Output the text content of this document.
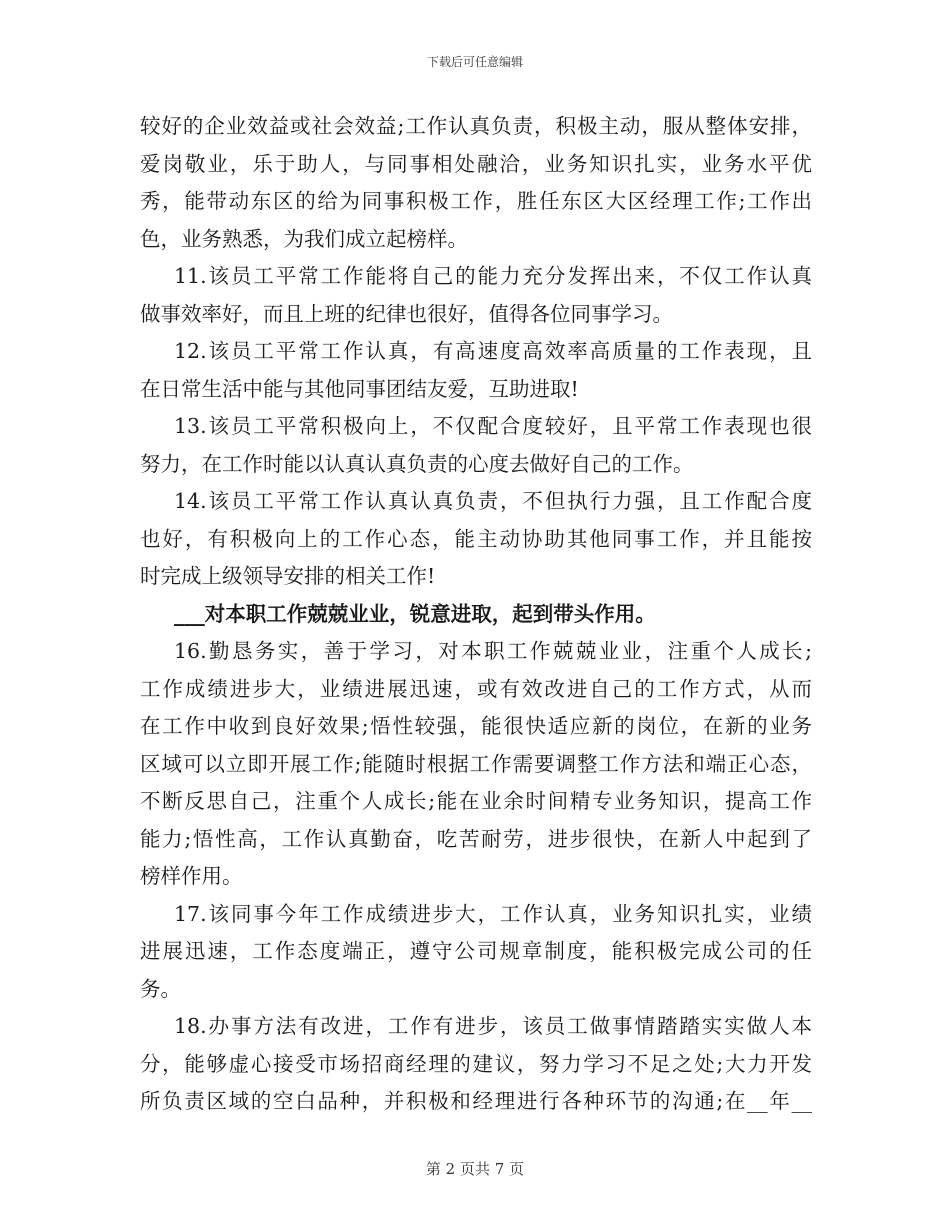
下载后可任意编辑
较好的企业效益或社会效益;工作认真负责，积极主动，服从整体安排，
爱岗敬业，乐于助人，与同事相处融洽，业务知识扎实，业务水平优
秀，能带动东区的给为同事积极工作，胜任东区大区经理工作;工作出
色，业务熟悉，为我们成立起榜样。
11.该员工平常工作能将自己的能力充分发挥出来，不仅工作认真
做事效率好，而且上班的纪律也很好，值得各位同事学习。
12.该员工平常工作认真，有高速度高效率高质量的工作表现，且
在日常生活中能与其他同事团结友爱，互助进取!
13.该员工平常积极向上，不仅配合度较好，且平常工作表现也很
努力，在工作时能以认真认真负责的心度去做好自己的工作。
14.该员工平常工作认真认真负责，不但执行力强，且工作配合度
也好，有积极向上的工作心态，能主动协助其他同事工作，并且能按
时完成上级领导安排的相关工作!
___对本职工作兢兢业业，锐意进取，起到带头作用。
16.勤恳务实，善于学习，对本职工作兢兢业业，注重个人成长;
工作成绩进步大，业绩进展迅速，或有效改进自己的工作方式，从而
在工作中收到良好效果;悟性较强，能很快适应新的岗位，在新的业务
区域可以立即开展工作;能随时根据工作需要调整工作方法和端正心态，
不断反思自己，注重个人成长;能在业余时间精专业务知识，提高工作
能力;悟性高，工作认真勤奋，吃苦耐劳，进步很快，在新人中起到了
榜样作用。
17.该同事今年工作成绩进步大，工作认真，业务知识扎实，业绩
进展迅速，工作态度端正，遵守公司规章制度，能积极完成公司的任
务。
18.办事方法有改进，工作有进步，该员工做事情踏踏实实做人本
分，能够虚心接受市场招商经理的建议，努力学习不足之处;大力开发
所负责区域的空白品种，并积极和经理进行各种环节的沟通;在__年__
第 2 页共 7 页
